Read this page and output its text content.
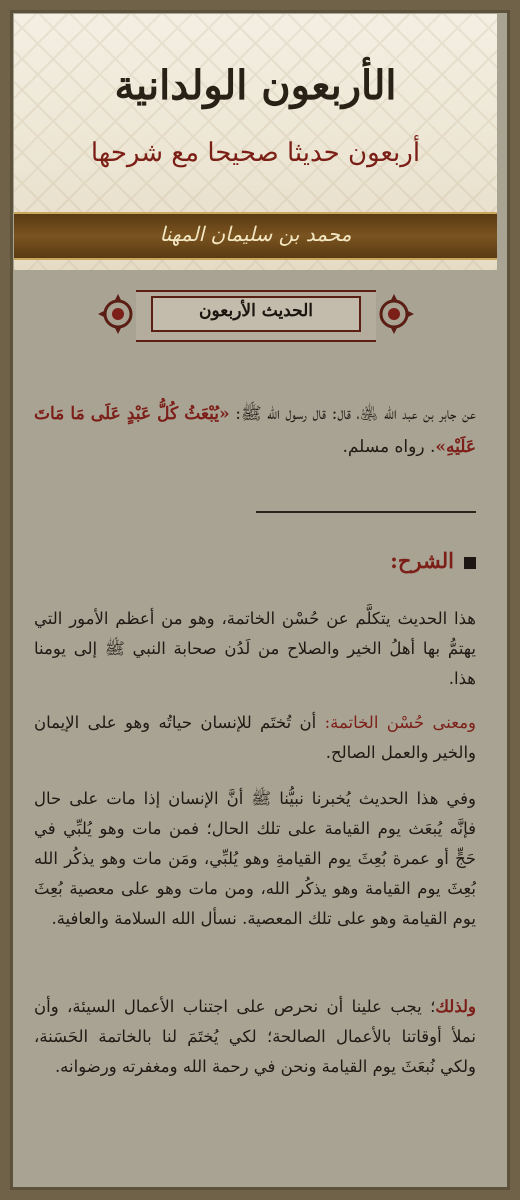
الأربعون الولدانية
أربعون حديثا صحيحا مع شرحها
محمد بن سليمان المهنا
الحديث الأربعون
عن جابر بن عبد الله ﵁، قال: قال رسول الله ﷺ: «يُبْعَثُ كُلُّ عَبْدٍ عَلَى مَا مَاتَ عَلَيْهِ». رواه مسلم.
الشرح:
هذا الحديث يتكلَّم عن حُسْن الخاتمة، وهو من أعظم الأمور التي يهتمُّ بها أهلُ الخير والصلاح من لَدُن صحابة النبي ﷺ إلى يومنا هذا.
ومعنى حُسْن الخاتمة: أن تُختَم للإنسان حياتُه وهو على الإيمان والخير والعمل الصالح.
وفي هذا الحديث يُخبرنا نبيُّنا ﷺ أنَّ الإنسان إذا مات على حال فإنَّه يُبعَث يوم القيامة على تلك الحال؛ فمن مات وهو يُلبِّي في حَجٍّ أو عمرة بُعِثَ يوم القيامةِ وهو يُلبِّي، ومَن مات وهو يذكُر الله بُعِثَ يوم القيامة وهو يذكُر الله، ومن مات وهو على معصية بُعِثَ يوم القيامة وهو على تلك المعصية. نسأل الله السلامة والعافية.
ولذلك؛ يجب علينا أن نحرص على اجتناب الأعمال السيئة، وأن نملأ أوقاتنا بالأعمال الصالحة؛ لكي يُختَمَ لنا بالخاتمة الحَسَنة، ولكي نُبعَثَ يوم القيامة ونحن في رحمة الله ومغفرته ورضوانه.
